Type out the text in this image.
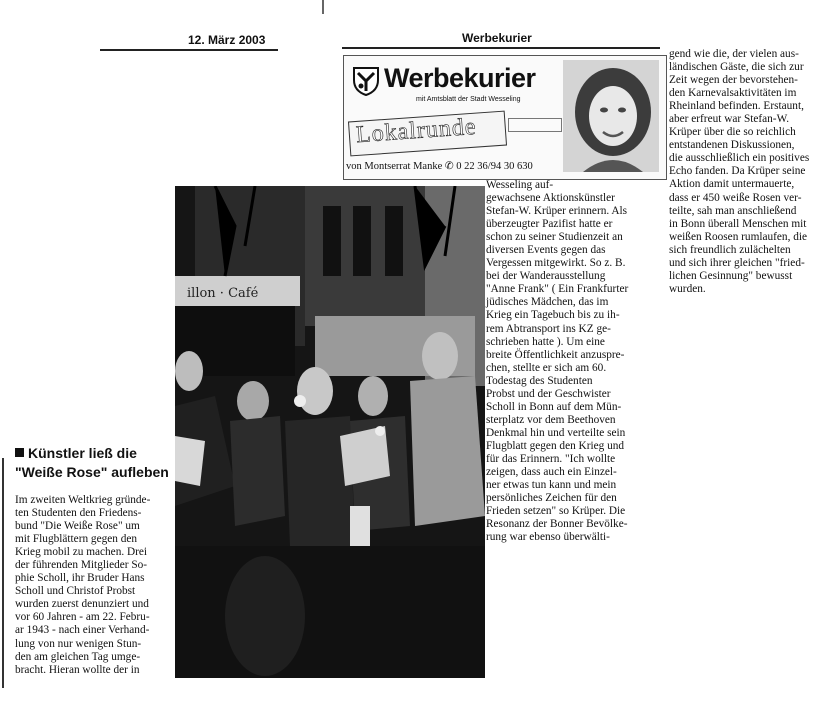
12. März 2003	Werbekurier
Werbekurier
mit Amtsblatt der Stadt Wesseling
Lokalrunde
von Montserrat Manke ✆ 0 22 36/94 30 630
illon · Café
Künstler ließ die
"Weiße Rose" aufleben
Im zweiten Weltkrieg gründe-
ten Studenten den Friedens-
bund "Die Weiße Rose" um
mit Flugblättern gegen den
Krieg mobil zu machen. Drei
der führenden Mitglieder So-
phie Scholl, ihr Bruder Hans
Scholl und Christof Probst
wurden zuerst denunziert und
vor 60 Jahren - am 22. Febru-
ar 1943 - nach einer Verhand-
lung von nur wenigen Stun-
den am gleichen Tag umge-
bracht. Hieran wollte der in
Wesseling auf-
gewachsene Aktionskünstler
Stefan-W. Krüper erinnern. Als
überzeugter Pazifist hatte er
schon zu seiner Studienzeit an
diversen Events gegen das
Vergessen mitgewirkt. So z. B.
bei der Wanderausstellung
"Anne Frank" ( Ein Frankfurter
jüdisches Mädchen, das im
Krieg ein Tagebuch bis zu ih-
rem Abtransport ins KZ ge-
schrieben hatte ). Um eine
breite Öffentlichkeit anzuspre-
chen, stellte er sich am 60.
Todestag des Studenten
Probst und der Geschwister
Scholl in Bonn auf dem Mün-
sterplatz vor dem Beethoven
Denkmal hin und verteilte sein
Flugblatt gegen den Krieg und
für das Erinnern. "Ich wollte
zeigen, dass auch ein Einzel-
ner etwas tun kann und mein
persönliches Zeichen für den
Frieden setzen" so Krüper. Die
Resonanz der Bonner Bevölke-
rung war ebenso überwälti-
gend wie die, der vielen aus-
ländischen Gäste, die sich zur
Zeit wegen der bevorstehen-
den Karnevalsaktivitäten im
Rheinland befinden. Erstaunt,
aber erfreut war Stefan-W.
Krüper über die so reichlich
entstandenen Diskussionen,
die ausschließlich ein positives
Echo fanden. Da Krüper seine
Aktion damit untermauerte,
dass er 450 weiße Rosen ver-
teilte, sah man anschließend
in Bonn überall Menschen mit
weißen Roosen rumlaufen, die
sich freundlich zulächelten
und sich ihrer gleichen "fried-
lichen Gesinnung" bewusst
wurden.
